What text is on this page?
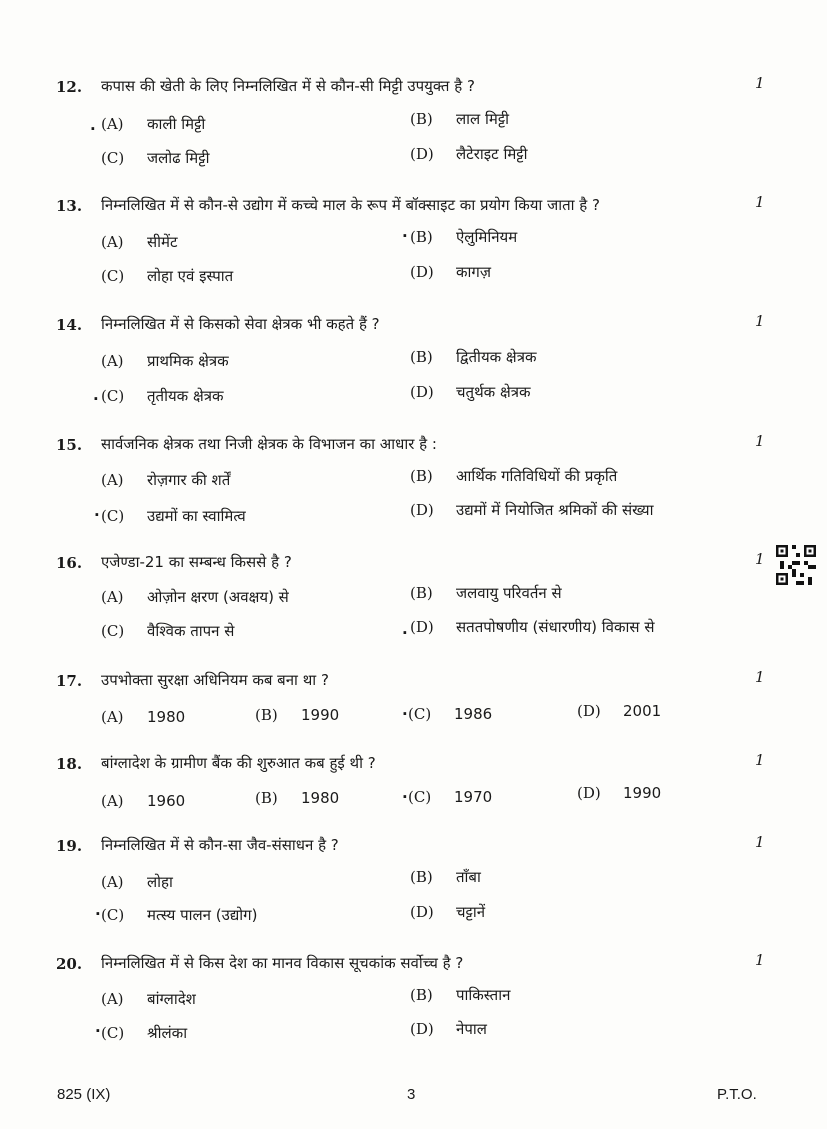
12. कपास की खेती के लिए निम्नलिखित में से कौन-सी मिट्टी उपयुक्त है ?	1
. (A) काली मिट्टी	(B) लाल मिट्टी
(C) जलोढ मिट्टी	(D) लैटेराइट मिट्टी
13. निम्नलिखित में से कौन-से उद्योग में कच्चे माल के रूप में बॉक्साइट का प्रयोग किया जाता है ?	1
·
(A) सीमेंट	(B) ऐलुमिनियम
(C) लोहा एवं इस्पात	(D) कागज़
14. निम्नलिखित में से किसको सेवा क्षेत्रक भी कहते हैं ?	1
.
(A) प्राथमिक क्षेत्रक	(B) द्वितीयक क्षेत्रक
(C) तृतीयक क्षेत्रक	(D) चतुर्थक क्षेत्रक
15. सार्वजनिक क्षेत्रक तथा निजी क्षेत्रक के विभाजन का आधार है :	1
·
(A) रोज़गार की शर्तें	(B) आर्थिक गतिविधियों की प्रकृति
(C) उद्यमों का स्वामित्व	(D) उद्यमों में नियोजित श्रमिकों की संख्या
16. एजेण्डा-21 का सम्बन्ध किससे है ?	1
.
(A) ओज़ोन क्षरण (अवक्षय) से	(B) जलवायु परिवर्तन से
(C) वैश्विक तापन से	(D) सततपोषणीय (संधारणीय) विकास से
17. उपभोक्ता सुरक्षा अधिनियम कब बना था ?	1
·
(A) 1980	(B) 1990	(C) 1986	(D) 2001
18. बांग्लादेश के ग्रामीण बैंक की शुरुआत कब हुई थी ?	1
·
(A) 1960	(B) 1980	(C) 1970	(D) 1990
19. निम्नलिखित में से कौन-सा जैव-संसाधन है ?	1
·
(A) लोहा	(B) ताँबा
(C) मत्स्य पालन (उद्योग)	(D) चट्टानें
20. निम्नलिखित में से किस देश का मानव विकास सूचकांक सर्वोच्च है ?	1
·
(A) बांग्लादेश	(B) पाकिस्तान
(C) श्रीलंका	(D) नेपाल
825 (IX)	3	P.T.O.
